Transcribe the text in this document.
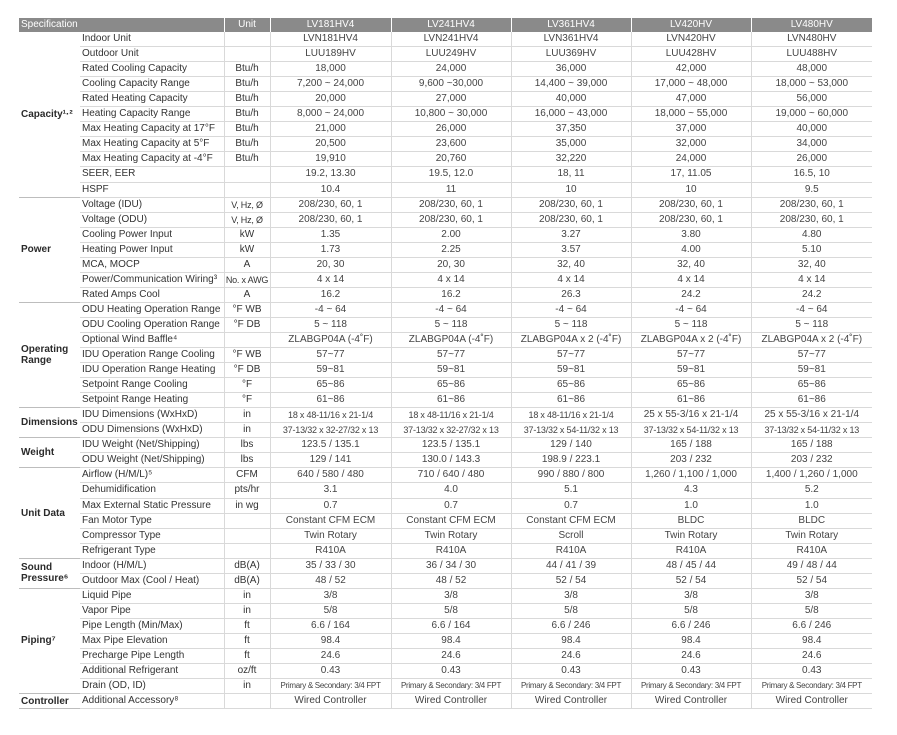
Specification		Unit	LV181HV4	LV241HV4	LV361HV4	LV420HV	LV480HV
Capacity¹·²	Indoor Unit		LVN181HV4	LVN241HV4	LVN361HV4	LVN420HV	LVN480HV
	Outdoor Unit		LUU189HV	LUU249HV	LUU369HV	LUU428HV	LUU488HV
	Rated Cooling Capacity	Btu/h	18,000	24,000	36,000	42,000	48,000
	Cooling Capacity Range	Btu/h	7,200 ~ 24,000	9,600 ~30,000	14,400 ~ 39,000	17,000 ~ 48,000	18,000 ~ 53,000
	Rated Heating Capacity	Btu/h	20,000	27,000	40,000	47,000	56,000
	Heating Capacity Range	Btu/h	8,000 ~ 24,000	10,800 ~ 30,000	16,000 ~ 43,000	18,000 ~ 55,000	19,000 ~ 60,000
	Max Heating Capacity at 17°F	Btu/h	21,000	26,000	37,350	37,000	40,000
	Max Heating Capacity at 5°F	Btu/h	20,500	23,600	35,000	32,000	34,000
	Max Heating Capacity at -4°F	Btu/h	19,910	20,760	32,220	24,000	26,000
	SEER, EER		19.2, 13.30	19.5, 12.0	18, 11	17, 11.05	16.5, 10
	HSPF		10.4	11	10	10	9.5
Power	Voltage (IDU)	V, Hz, Ø	208/230, 60, 1	208/230, 60, 1	208/230, 60, 1	208/230, 60, 1	208/230, 60, 1
	Voltage (ODU)	V, Hz, Ø	208/230, 60, 1	208/230, 60, 1	208/230, 60, 1	208/230, 60, 1	208/230, 60, 1
	Cooling Power Input	kW	1.35	2.00	3.27	3.80	4.80
	Heating Power Input	kW	1.73	2.25	3.57	4.00	5.10
	MCA, MOCP	A	20, 30	20, 30	32, 40	32, 40	32, 40
	Power/Communication Wiring³	No. x AWG	4 x 14	4 x 14	4 x 14	4 x 14	4 x 14
	Rated Amps Cool	A	16.2	16.2	26.3	24.2	24.2
Operating Range	ODU Heating Operation Range	°F WB	-4 ~ 64	-4 ~ 64	-4 ~ 64	-4 ~ 64	-4 ~ 64
	ODU Cooling Operation Range	°F DB	5 ~ 118	5 ~ 118	5 ~ 118	5 ~ 118	5 ~ 118
	Optional Wind Baffle⁴		ZLABGP04A (-4˚F)	ZLABGP04A (-4˚F)	ZLABGP04A x 2 (-4˚F)	ZLABGP04A x 2 (-4˚F)	ZLABGP04A x 2 (-4˚F)
	IDU Operation Range Cooling	°F WB	57~77	57~77	57~77	57~77	57~77
	IDU Operation Range Heating	°F DB	59~81	59~81	59~81	59~81	59~81
	Setpoint Range Cooling	°F	65~86	65~86	65~86	65~86	65~86
	Setpoint Range Heating	°F	61~86	61~86	61~86	61~86	61~86
Dimensions	IDU Dimensions (WxHxD)	in	18 x 48-11/16 x 21-1/4	18 x 48-11/16 x 21-1/4	18 x 48-11/16 x 21-1/4	25 x 55-3/16 x 21-1/4	25 x 55-3/16 x 21-1/4
	ODU Dimensions (WxHxD)	in	37-13/32 x 32-27/32 x 13	37-13/32 x 32-27/32 x 13	37-13/32 x 54-11/32 x 13	37-13/32 x 54-11/32 x 13	37-13/32 x 54-11/32 x 13
Weight	IDU Weight (Net/Shipping)	lbs	123.5 / 135.1	123.5 / 135.1	129 / 140	165 / 188	165 / 188
	ODU Weight (Net/Shipping)	lbs	129 / 141	130.0 / 143.3	198.9 / 223.1	203 / 232	203 / 232
Unit Data	Airflow (H/M/L)⁵	CFM	640 / 580 / 480	710 / 640 / 480	990 / 880 / 800	1,260 / 1,100 / 1,000	1,400 / 1,260 / 1,000
	Dehumidification	pts/hr	3.1	4.0	5.1	4.3	5.2
	Max External Static Pressure	in wg	0.7	0.7	0.7	1.0	1.0
	Fan Motor Type		Constant CFM ECM	Constant CFM ECM	Constant CFM ECM	BLDC	BLDC
	Compressor Type		Twin Rotary	Twin Rotary	Scroll	Twin Rotary	Twin Rotary
	Refrigerant Type		R410A	R410A	R410A	R410A	R410A
Sound Pressure⁶	Indoor (H/M/L)	dB(A)	35 / 33 / 30	36 / 34 / 30	44 / 41 / 39	48 / 45 / 44	49 / 48 / 44
	Outdoor Max (Cool / Heat)	dB(A)	48 / 52	48 / 52	52 / 54	52 / 54	52 / 54
Piping⁷	Liquid Pipe	in	3/8	3/8	3/8	3/8	3/8
	Vapor Pipe	in	5/8	5/8	5/8	5/8	5/8
	Pipe Length (Min/Max)	ft	6.6 / 164	6.6 / 164	6.6 / 246	6.6 / 246	6.6 / 246
	Max Pipe Elevation	ft	98.4	98.4	98.4	98.4	98.4
	Precharge Pipe Length	ft	24.6	24.6	24.6	24.6	24.6
	Additional Refrigerant	oz/ft	0.43	0.43	0.43	0.43	0.43
	Drain (OD, ID)	in	Primary & Secondary: 3/4 FPT	Primary & Secondary: 3/4 FPT	Primary & Secondary: 3/4 FPT	Primary & Secondary: 3/4 FPT	Primary & Secondary: 3/4 FPT
Controller	Additional Accessory⁸		Wired Controller	Wired Controller	Wired Controller	Wired Controller	Wired Controller
